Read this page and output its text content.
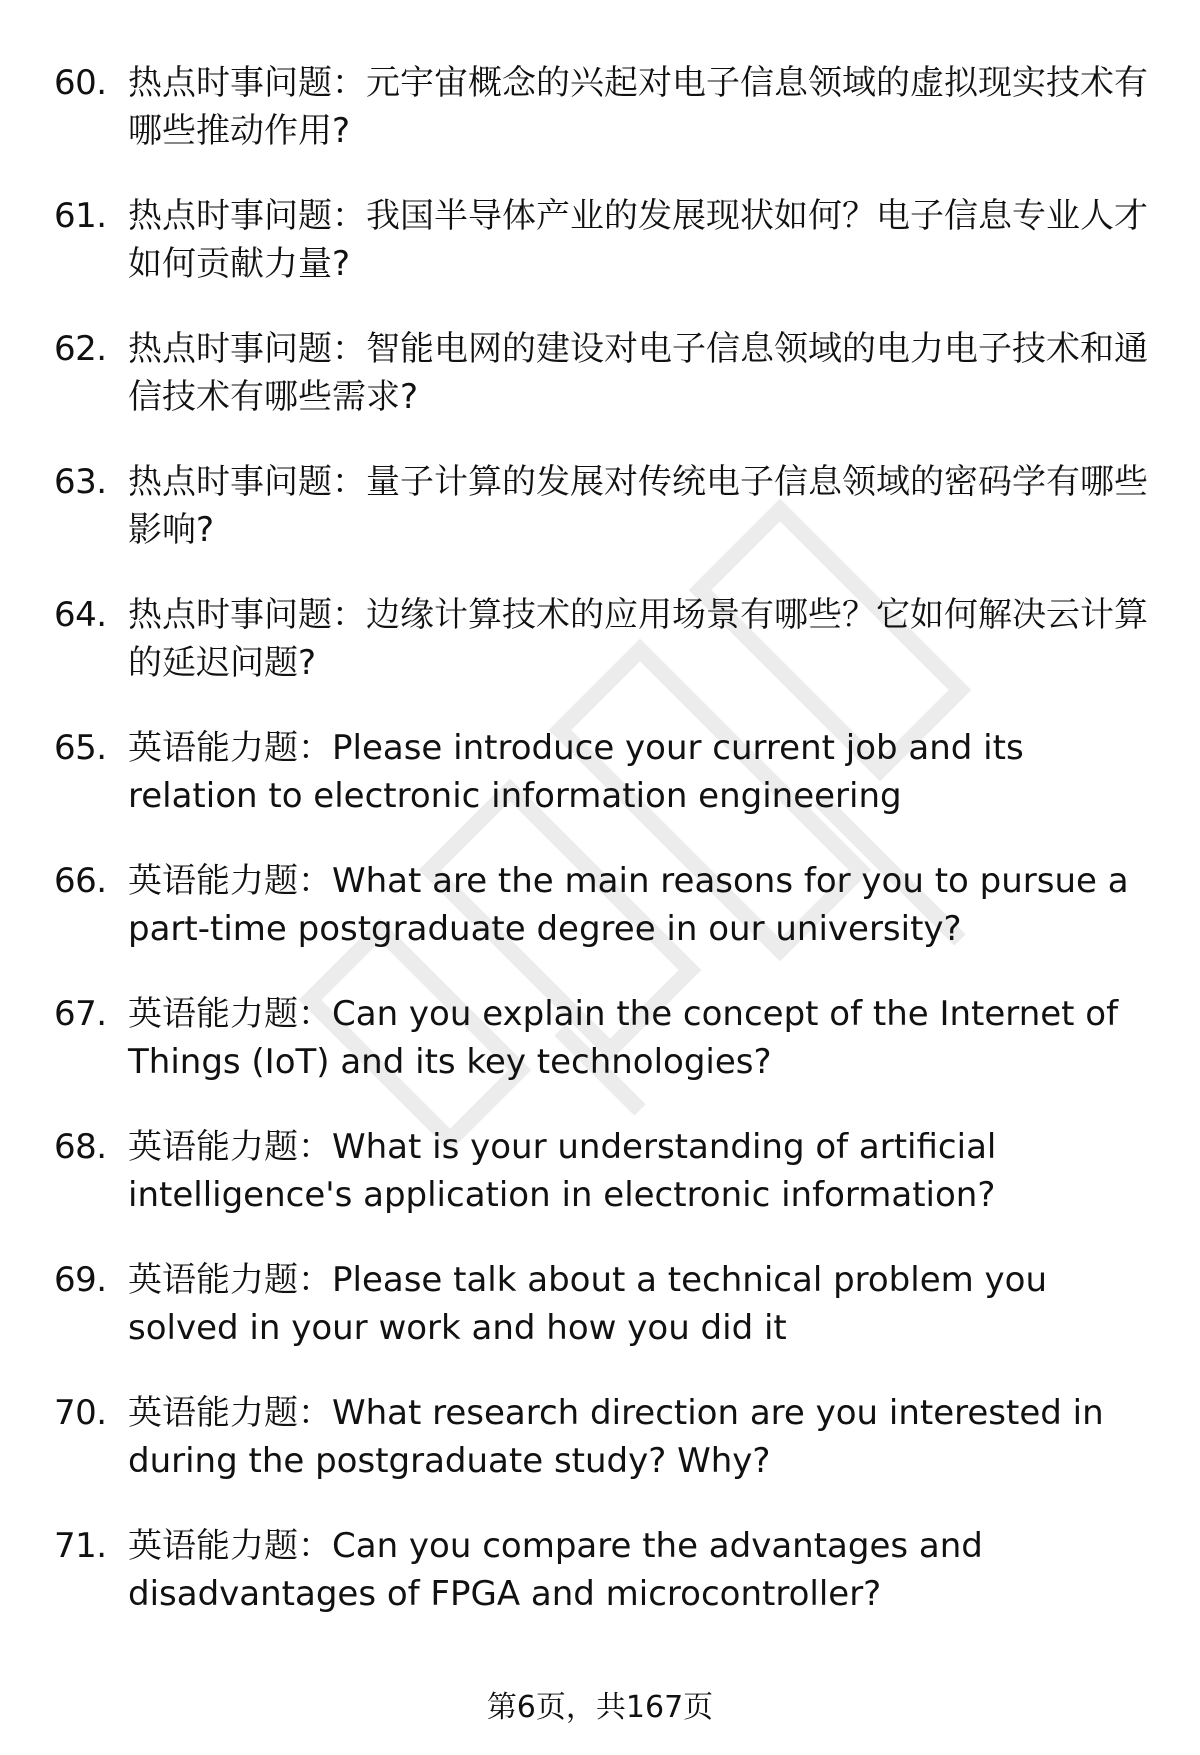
60. 热点时事问题：元宇宙概念的兴起对电子信息领域的虚拟现实技术有哪些推动作用?
61. 热点时事问题：我国半导体产业的发展现状如何？电子信息专业人才如何贡献力量?
62. 热点时事问题：智能电网的建设对电子信息领域的电力电子技术和通信技术有哪些需求?
63. 热点时事问题：量子计算的发展对传统电子信息领域的密码学有哪些影响?
64. 热点时事问题：边缘计算技术的应用场景有哪些？它如何解决云计算的延迟问题?
65. 英语能力题：Please introduce your current job and its relation to electronic information engineering
66. 英语能力题：What are the main reasons for you to pursue a part-time postgraduate degree in our university?
67. 英语能力题：Can you explain the concept of the Internet of Things (IoT) and its key technologies?
68. 英语能力题：What is your understanding of artificial intelligence's application in electronic information?
69. 英语能力题：Please talk about a technical problem you solved in your work and how you did it
70. 英语能力题：What research direction are you interested in during the postgraduate study? Why?
71. 英语能力题：Can you compare the advantages and disadvantages of FPGA and microcontroller?
第6页，共167页
